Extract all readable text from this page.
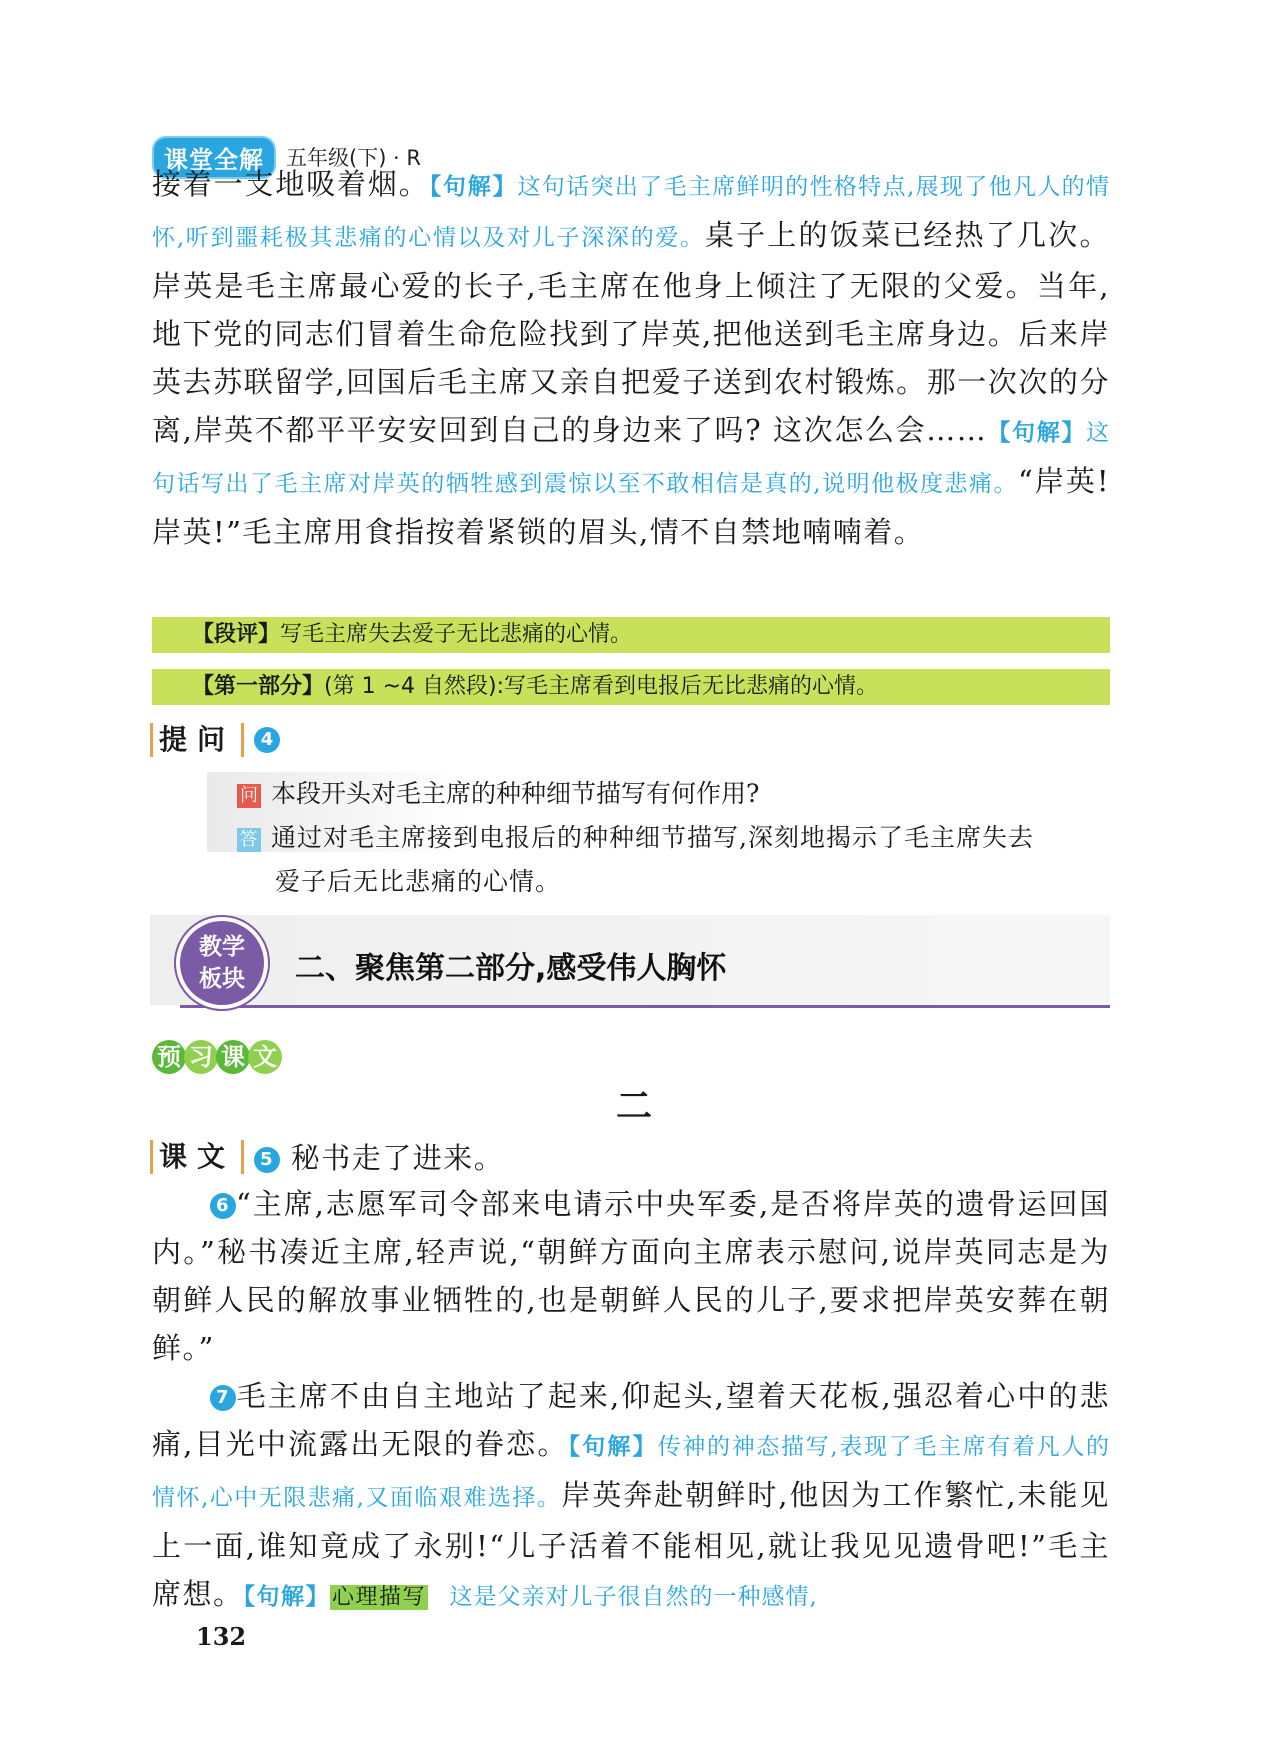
课堂全解	五年级(下) · R

接着一支地吸着烟。【句解】这句话突出了毛主席鲜明的性格特点,展现了他凡人的情怀,听到噩耗极其悲痛的心情以及对儿子深深的爱。桌子上的饭菜已经热了几次。岸英是毛主席最心爱的长子,毛主席在他身上倾注了无限的父爱。当年,地下党的同志们冒着生命危险找到了岸英,把他送到毛主席身边。后来岸英去苏联留学,回国后毛主席又亲自把爱子送到农村锻炼。那一次次的分离,岸英不都平平安安回到自己的身边来了吗? 这次怎么会……【句解】这句话写出了毛主席对岸英的牺牲感到震惊以至不敢相信是真的,说明他极度悲痛。“岸英! 岸英!”毛主席用食指按着紧锁的眉头,情不自禁地喃喃着。

【段评】写毛主席失去爱子无比悲痛的心情。
【第一部分】(第 1 ~4 自然段):写毛主席看到电报后无比悲痛的心情。
提问	4
问 本段开头对毛主席的种种细节描写有何作用?
答 通过对毛主席接到电报后的种种细节描写,深刻地揭示了毛主席失去
爱子后无比悲痛的心情。
教学
板块 二、聚焦第二部分,感受伟人胸怀
预 习 课 文
二
课文	5 秘书走了进来。

6 “主席,志愿军司令部来电请示中央军委,是否将岸英的遗骨运回国内。”秘书凑近主席,轻声说,“朝鲜方面向主席表示慰问,说岸英同志是为朝鲜人民的解放事业牺牲的,也是朝鲜人民的儿子,要求把岸英安葬在朝鲜。”

7 毛主席不由自主地站了起来,仰起头,望着天花板,强忍着心中的悲痛,目光中流露出无限的眷恋。【句解】传神的神态描写,表现了毛主席有着凡人的情怀,心中无限悲痛,又面临艰难选择。岸英奔赴朝鲜时,他因为工作繁忙,未能见上一面,谁知竟成了永别!“儿子活着不能相见,就让我见见遗骨吧!”毛主席想。【句解】心理描写 这是父亲对儿子很自然的一种感情,

132
